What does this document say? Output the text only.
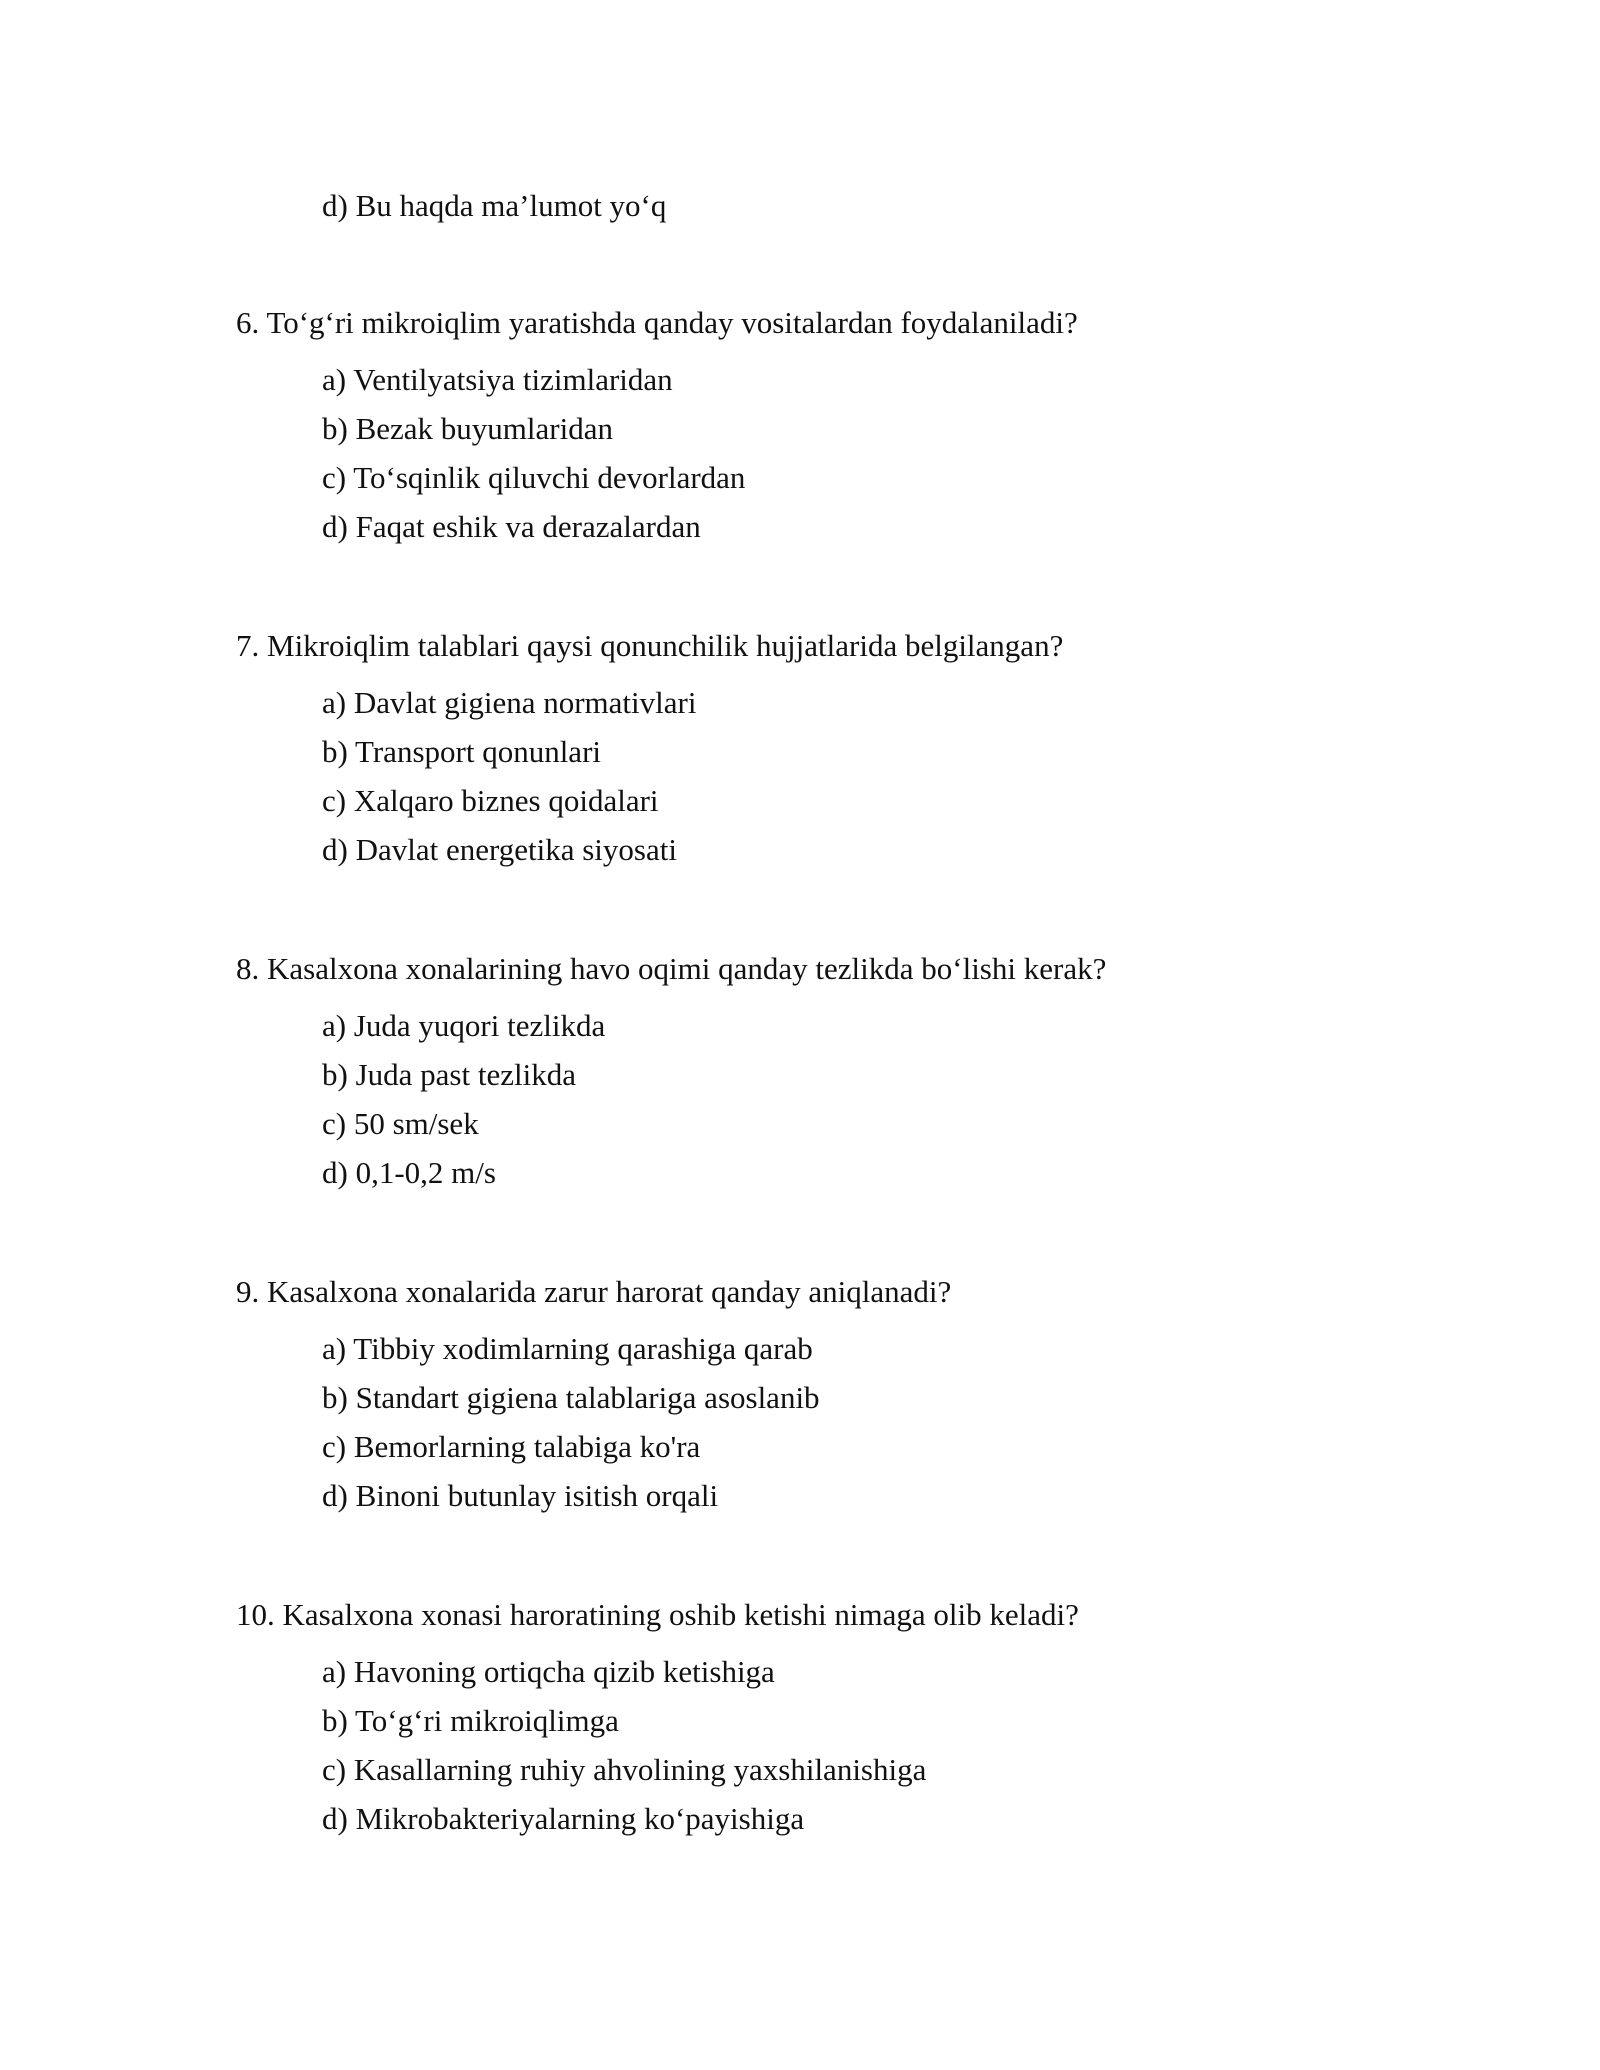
d) Bu haqda ma’lumot yo‘q
6. To‘g‘ri mikroiqlim yaratishda qanday vositalardan foydalaniladi?
a) Ventilyatsiya tizimlaridan
b) Bezak buyumlaridan
c) To‘sqinlik qiluvchi devorlardan
d) Faqat eshik va derazalardan
7. Mikroiqlim talablari qaysi qonunchilik hujjatlarida belgilangan?
a) Davlat gigiena normativlari
b) Transport qonunlari
c) Xalqaro biznes qoidalari
d) Davlat energetika siyosati
8. Kasalxona xonalarining havo oqimi qanday tezlikda bo‘lishi kerak?
a) Juda yuqori tezlikda
b) Juda past tezlikda
c) 50 sm/sek
d) 0,1-0,2 m/s
9. Kasalxona xonalarida zarur harorat qanday aniqlanadi?
a) Tibbiy xodimlarning qarashiga qarab
b) Standart gigiena talablariga asoslanib
c) Bemorlarning talabiga ko'ra
d) Binoni butunlay isitish orqali
10. Kasalxona xonasi haroratining oshib ketishi nimaga olib keladi?
a) Havoning ortiqcha qizib ketishiga
b) To‘g‘ri mikroiqlimga
c) Kasallarning ruhiy ahvolining yaxshilanishiga
d) Mikrobakteriyalarning ko‘payishiga
